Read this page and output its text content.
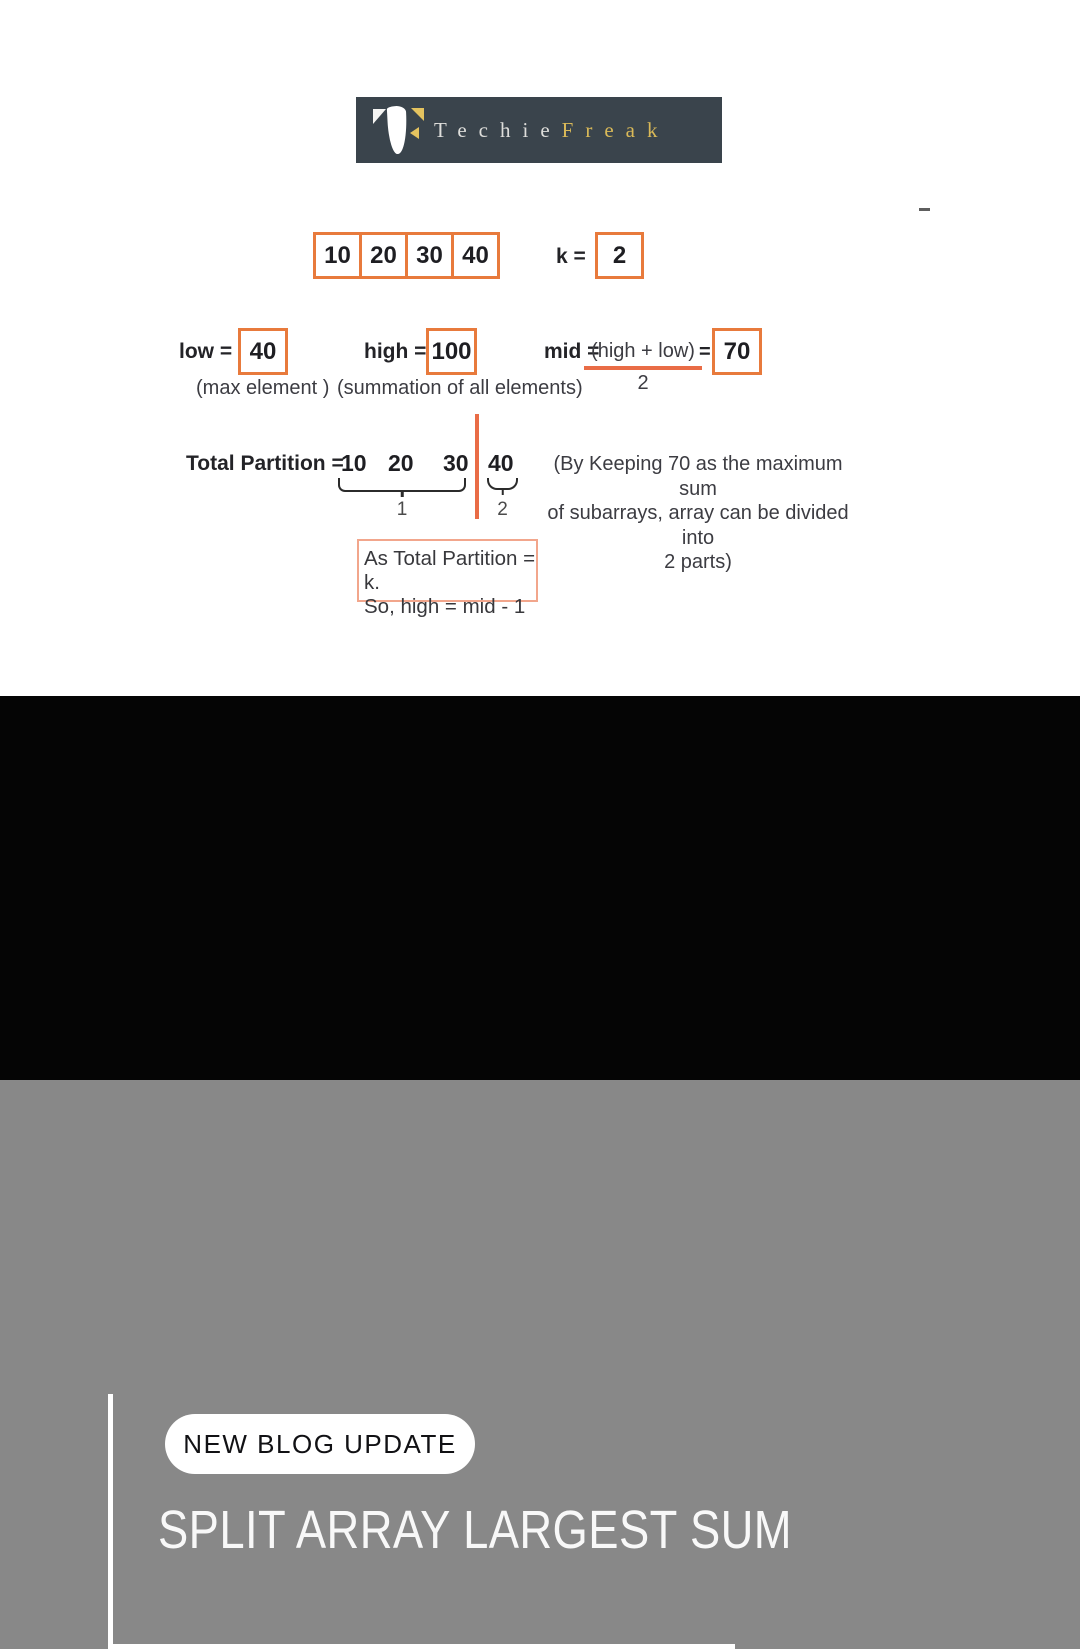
Techie Freak
10 20 30 40	k =	2
low = 40
(max element )
high = 100
(summation of all elements)
mid =
(high + low)
2
= 70
Total Partition =
10 20 30 40
1	2
(By Keeping 70 as the maximum sum
of subarrays, array can be divided into
2 parts)
As Total Partition = k.
So, high = mid - 1
NEW BLOG UPDATE
SPLIT ARRAY LARGEST SUM
